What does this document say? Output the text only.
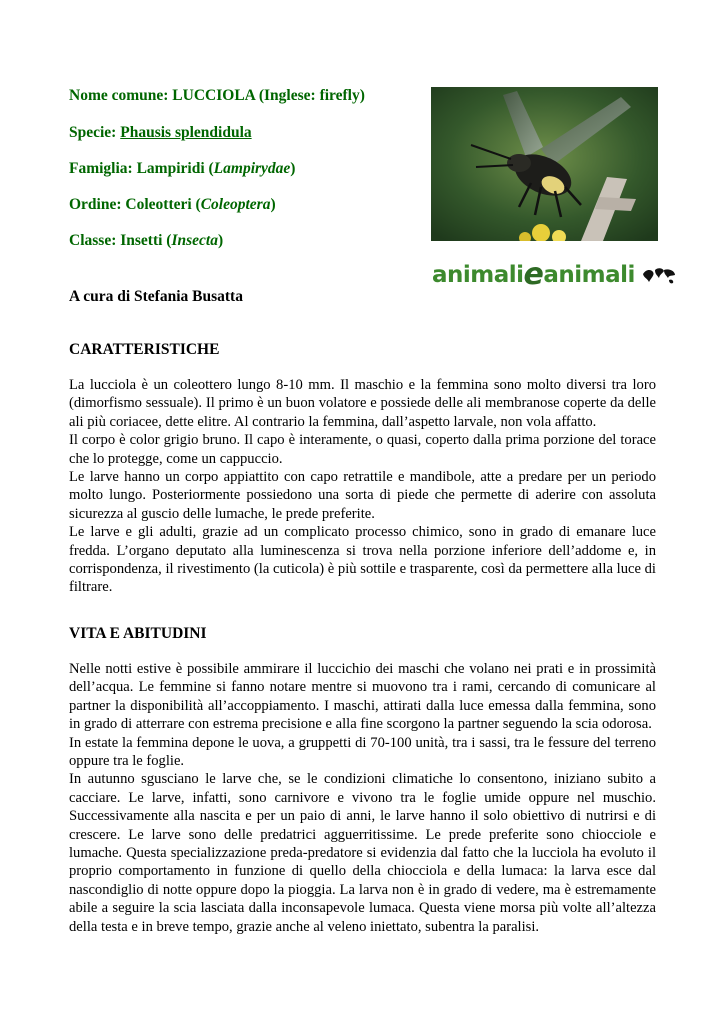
Nome comune: LUCCIOLA (Inglese: firefly)
Specie: Phausis splendidula
Famiglia: Lampiridi (Lampirydae)
Ordine: Coleotteri (Coleoptera)
Classe: Insetti (Insecta)
animalieanimali
A cura di Stefania Busatta
CARATTERISTICHE

La lucciola è un coleottero lungo 8-10 mm. Il maschio e la femmina sono molto diversi tra loro (dimorfismo sessuale). Il primo è un buon volatore e possiede delle ali membranose coperte da delle ali più coriacee, dette elitre. Al contrario la femmina, dall’aspetto larvale, non vola affatto.

Il corpo è color grigio bruno. Il capo è interamente, o quasi, coperto dalla prima porzione del torace che lo protegge, come un cappuccio.

Le larve hanno un corpo appiattito con capo retrattile e mandibole, atte a predare per un periodo molto lungo. Posteriormente possiedono una sorta di piede che permette di aderire con assoluta sicurezza al guscio delle lumache, le prede preferite.

Le larve e gli adulti, grazie ad un complicato processo chimico, sono in grado di emanare luce fredda. L’organo deputato alla luminescenza si trova nella porzione inferiore dell’addome e, in corrispondenza, il rivestimento (la cuticola) è più sottile e trasparente, così da permettere alla luce di filtrare.

VITA E ABITUDINI

Nelle notti estive è possibile ammirare il luccichio dei maschi che volano nei prati e in prossimità dell’acqua. Le femmine si fanno notare mentre si muovono tra i rami, cercando di comunicare al partner la disponibilità all’accoppiamento. I maschi, attirati dalla luce emessa dalla femmina, sono in grado di atterrare con estrema precisione e alla fine scorgono la partner seguendo la scia odorosa.

In estate la femmina depone le uova, a gruppetti di 70-100 unità, tra i sassi, tra le fessure del terreno oppure tra le foglie.

In autunno sgusciano le larve che, se le condizioni climatiche lo consentono, iniziano subito a cacciare. Le larve, infatti, sono carnivore e vivono tra le foglie umide oppure nel muschio. Successivamente alla nascita e per un paio di anni, le larve hanno il solo obiettivo di nutrirsi e di crescere. Le larve sono delle predatrici agguerritissime. Le prede preferite sono chiocciole e lumache. Questa specializzazione preda-predatore si evidenzia dal fatto che la lucciola ha evoluto il proprio comportamento in funzione di quello della chiocciola e della lumaca: la larva esce dal nascondiglio di notte oppure dopo la pioggia. La larva non è in grado di vedere, ma è estremamente abile a seguire la scia lasciata dalla inconsapevole lumaca. Questa viene morsa più volte all’altezza della testa e in breve tempo, grazie anche al veleno iniettato, subentra la paralisi.
